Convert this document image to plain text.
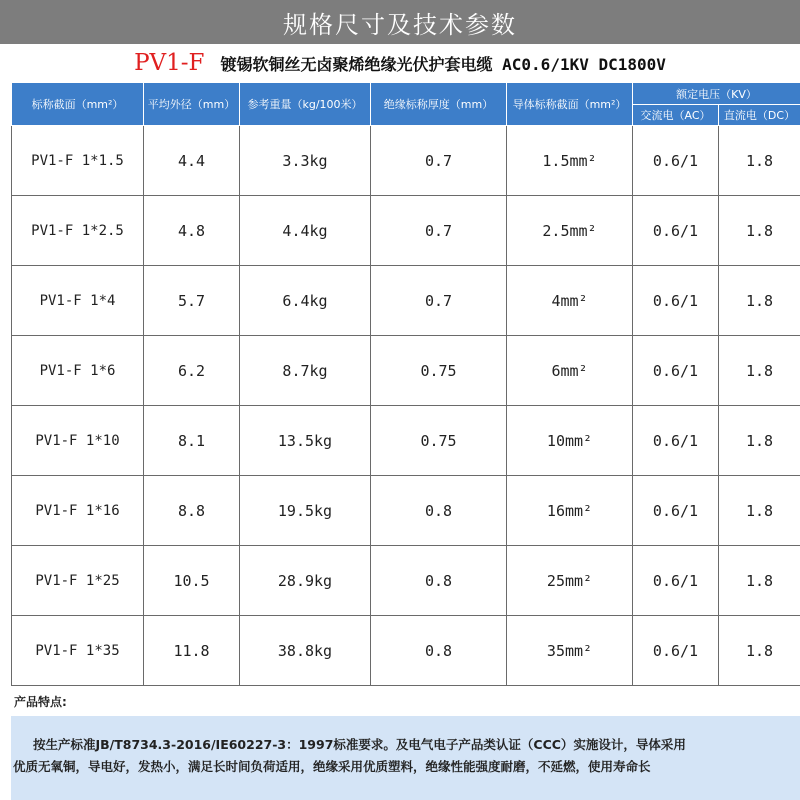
规格尺寸及技术参数
PV1-F 镀锡软铜丝无卤聚烯绝缘光伏护套电缆 AC0.6/1KV DC1800V
标称截面（mm²）	平均外径（mm）	参考重量（kg/100米）	绝缘标称厚度（mm）	导体标称截面（mm²）	额定电压（KV）	
					交流电（AC）	直流电（DC）
PV1-F 1*1.5	4.4	3.3kg	0.7	1.5mm²	0.6/1	1.8
PV1-F 1*2.5	4.8	4.4kg	0.7	2.5mm²	0.6/1	1.8
PV1-F 1*4	5.7	6.4kg	0.7	4mm²	0.6/1	1.8
PV1-F 1*6	6.2	8.7kg	0.75	6mm²	0.6/1	1.8
PV1-F 1*10	8.1	13.5kg	0.75	10mm²	0.6/1	1.8
PV1-F 1*16	8.8	19.5kg	0.8	16mm²	0.6/1	1.8
PV1-F 1*25	10.5	28.9kg	0.8	25mm²	0.6/1	1.8
PV1-F 1*35	11.8	38.8kg	0.8	35mm²	0.6/1	1.8
产品特点:
按生产标准JB/T8734.3-2016/IE60227-3：1997标准要求。及电气电子产品类认证（CCC）实施设计，导体采用
优质无氧铜，导电好，发热小，满足长时间负荷适用，绝缘采用优质塑料，绝缘性能强度耐磨，不延燃，使用寿命长
